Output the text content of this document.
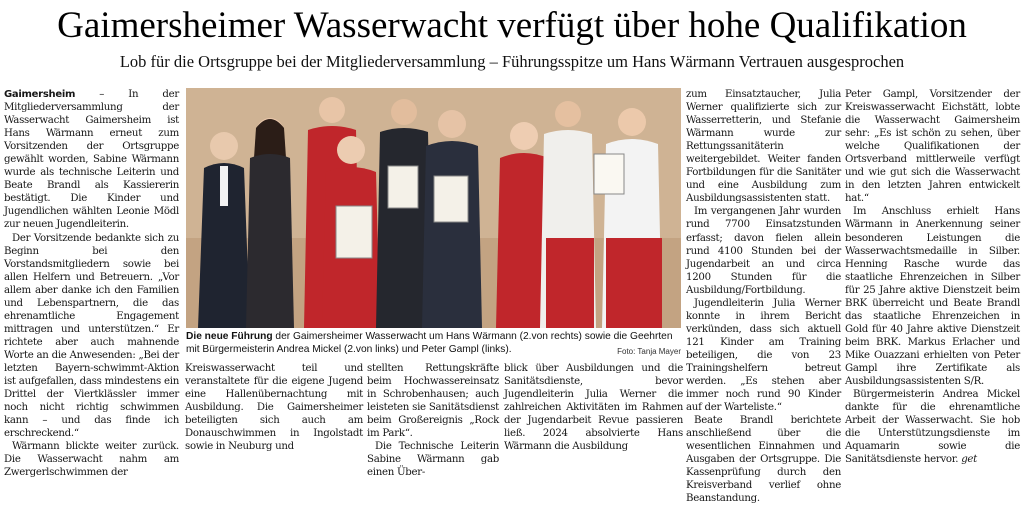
Gaimersheimer Wasserwacht verfügt über hohe Qualifikation
Lob für die Ortsgruppe bei der Mitgliederversammlung – Führungsspitze um Hans Wärmann Vertrauen ausgesprochen

Gaimersheim – In der Mitgliederversammlung der Wasserwacht Gaimersheim ist Hans Wärmann erneut zum Vorsitzenden der Ortsgruppe gewählt worden, Sabine Wärmann wurde als technische Leiterin und Beate Brandl als Kassiererin bestätigt. Die Kinder und Jugendlichen wählten Leonie Mödl zur neuen Jugendleiterin.

Der Vorsitzende bedankte sich zu Beginn bei den Vorstandsmitgliedern sowie bei allen Helfern und Betreuern. „Vor allem aber danke ich den Familien und Lebenspartnern, die das ehrenamtliche Engagement mittragen und unterstützen.“ Er richtete aber auch mahnende Worte an die Anwesenden: „Bei der letzten Bayern-schwimmt-Aktion ist aufgefallen, dass mindestens ein Drittel der Viertklässler immer noch nicht richtig schwimmen kann – und das finde ich erschreckend.“

Wärmann blickte weiter zurück. Die Wasserwacht nahm am Zwergerlschwimmen der

Die neue Führung der Gaimersheimer Wasserwacht um Hans Wärmann (2.von rechts) sowie die Geehrten mit Bürgermeisterin Andrea Mickel (2.von links) und Peter Gampl (links).	Foto: Tanja Mayer

Kreiswasserwacht teil und veranstaltete für die eigene Jugend eine Hallenübernachtung mit Ausbildung. Die Gaimersheimer beteiligten sich auch am Donauschwimmen in Ingolstadt sowie in Neuburg und

stellten Rettungskräfte beim Hochwassereinsatz in Schrobenhausen; auch leisteten sie Sanitätsdienst beim Großereignis „Rock im Park“.

Die Technische Leiterin Sabine Wärmann gab einen Über-

blick über Ausbildungen und die Sanitätsdienste, bevor Jugendleiterin Julia Werner die zahlreichen Aktivitäten im Rahmen der Jugendarbeit Revue passieren ließ. 2024 absolvierte Hans Wärmann die Ausbildung

zum Einsatztaucher, Julia Werner qualifizierte sich zur Wasserretterin, und Stefanie Wärmann wurde zur Rettungssanitäterin weitergebildet. Weiter fanden Fortbildungen für die Sanitäter und eine Ausbildung zum Ausbildungsassistenten statt.

Im vergangenen Jahr wurden rund 7700 Einsatzstunden erfasst; davon fielen allein rund 4100 Stunden bei der Jugendarbeit an und circa 1200 Stunden für die Ausbildung/Fortbildung.

Jugendleiterin Julia Werner konnte in ihrem Bericht verkünden, dass sich aktuell 121 Kinder am Training beteiligen, die von 23 Trainingshelfern betreut werden. „Es stehen aber immer noch rund 90 Kinder auf der Warteliste.“

Beate Brandl berichtete anschließend über die wesentlichen Einnahmen und Ausgaben der Ortsgruppe. Die Kassenprüfung durch den Kreisverband verlief ohne Beanstandung.

Peter Gampl, Vorsitzender der Kreiswasserwacht Eichstätt, lobte die Wasserwacht Gaimersheim sehr: „Es ist schön zu sehen, über welche Qualifikationen der Ortsverband mittlerweile verfügt und wie gut sich die Wasserwacht in den letzten Jahren entwickelt hat.“

Im Anschluss erhielt Hans Wärmann in Anerkennung seiner besonderen Leistungen die Wasserwachtsmedaille in Silber. Henning Rasche wurde das staatliche Ehrenzeichen in Silber für 25 Jahre aktive Dienstzeit beim BRK überreicht und Beate Brandl das staatliche Ehrenzeichen in Gold für 40 Jahre aktive Dienstzeit beim BRK. Markus Erlacher und Mike Ouazzani erhielten von Peter Gampl ihre Zertifikate als Ausbildungsassistenten S/R.

Bürgermeisterin Andrea Mickel dankte für die ehrenamtliche Arbeit der Wasserwacht. Sie hob die Unterstützungsdienste im Aquamarin sowie die Sanitätsdienste hervor. get
